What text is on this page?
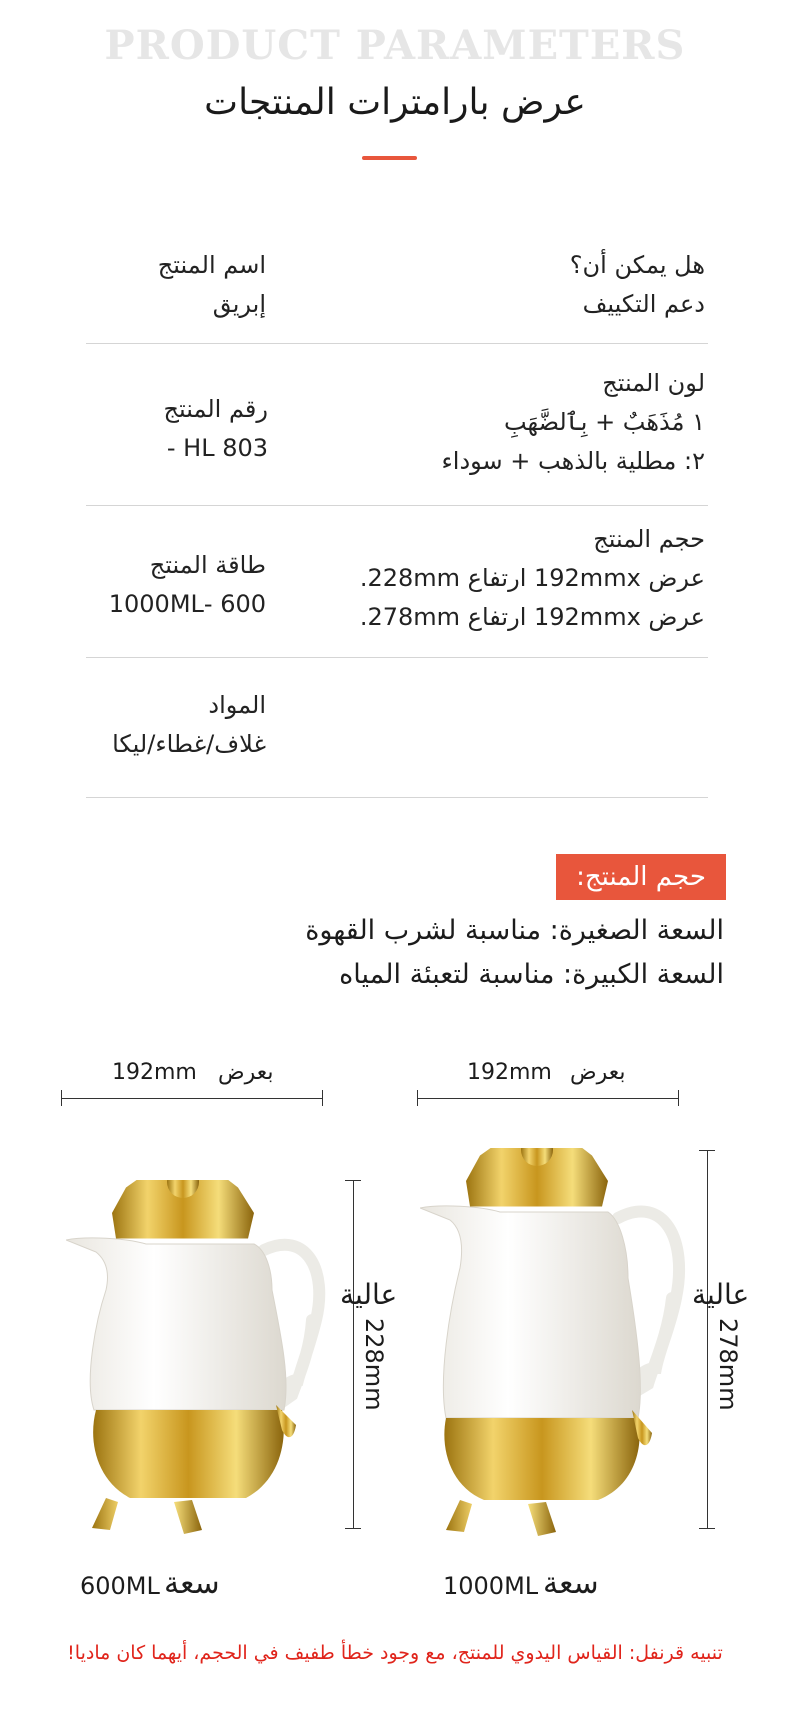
PRODUCT PARAMETERS
عرض بارامترات المنتجات
هل يمكن أن؟
دعم التكييف
اسم المنتج
إبريق
لون المنتج
١ مُذَهَبٌ + بِٱلضَّهَبِ
٢: مطلية بالذهب + سوداء
رقم المنتج
HL 803 -
حجم المنتج
عرض 192mmx ارتفاع 228mm.
عرض 192mmx ارتفاع 278mm.
طاقة المنتج
600 -1000ML
المواد
غلاف/غطاء/ليكا
حجم المنتج:
السعة الصغيرة: مناسبة لشرب القهوة
السعة الكبيرة: مناسبة لتعبئة المياه
192mm بعرض
عالية
228mm
192mm بعرض
عالية
278mm
600ML سعة	1000ML سعة
تنبيه قرنفل: القياس اليدوي للمنتج، مع وجود خطأ طفيف في الحجم، أيهما كان ماديا!
